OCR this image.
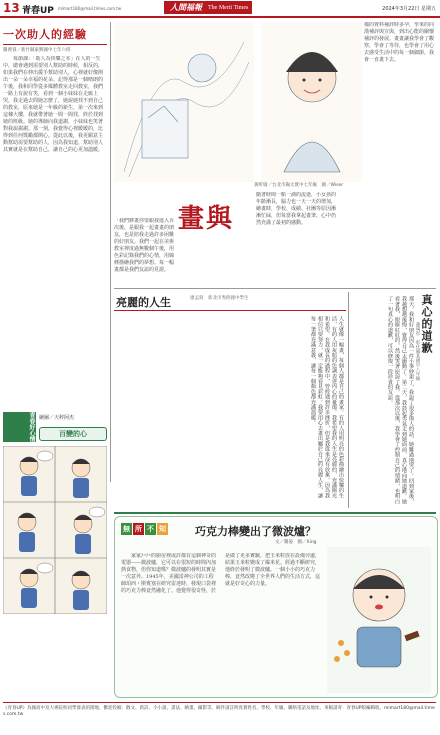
13 青春UP mlmart180@mail.times.com.tw	人間福報	The Merit Times	2024年3月22日 星期五
一次助人的經驗
羅涴睿／新竹縣東興國中七年六班
每節課：「助人為快樂之本」在人的一生中，總會遇到需要別人幫助的時候，相反的，如果我們在伸出援手幫助別人，心裡就好像開出一朵一朵幸福的花朵。記得那是一個晴朗的午後，我和同學從多媒體教室走回教室，我們一路上有說有笑，看到一個小妹妹在走廊上哭，我走過去問她怎麼了，她說她找不到自己的教室，原來她是一年級的新生，第一次來到這棟大樓，我就帶著她一間一間找，終於找到她的班級。她的導師向我道謝，小妹妹也笑著對我說謝謝。那一刻，我覺得心裡暖暖的，比得到任何獎勵都開心。從此以後，我更願意主動幫助需要幫助的人，因為我知道，幫助別人其實就是在幫助自己，讓自己的心更加溫暖。
青春好心情 繪圖／天秤阿杰
百變的心
黃昕瑜／台北市錫太實中七年級　圖／Wiser
畫與
「我們夥畫你要跟我進入百次後，是跟我一起畫畫的朋友，也是陪我走過許多困難的好朋友。我們一起在美術教室裡度過無數個午後，用色彩記錄我們的心情，用線條描繪我們的夢想。每一幅畫都是我們友誼的見證。
隨著時間一點一滴的流逝，小女孩的年齡漸長，腦力也一天一天的增加，繪畫時，學校、成績、社團等原因漸漸忙碌，但每當我拿起畫筆，心中仍然充滿了最初的感動。
備的資料補評時多孕，學來的同漢補評與宣與，到出心能的關懷補評的發展。畫畫讓我學會了觀察，學會了等待，也學會了用心去感受生活中的每一個細節，我會一直畫下去。
亮麗的人生	廖孟鈞　新北市秀朗國中學生
人生就像一幅畫，每個人都是自己的畫家。有的人用明亮的色彩描繪出快樂的生活，有的人用灰暗的色調表達內心的憂傷。我希望我的人生是亮麗的，充滿陽光和希望。在我成長的過程中，曾經遇到許多挫折，但是我從來沒有放棄，因為我相信只要努力，就一定能夠看見彩虹。我要用心去畫出屬於自己的亮麗人生，讓每一筆都充滿意義，讓每一個顏色都充滿溫暖。	真心的道歉
蕭瑀彤　彰化縣某國中八年級
那天，我和好朋友因為一件小事吵架了，我說了很多傷人的話，她難過地哭了。回到家後，我越想越後悔，覺得自己太衝動了。第二天，我鼓起勇氣走到她面前，真心地向她道歉。她看著我，眼眶紅紅的，然後笑著原諒了我。從那次以後，我學會了控制自己的情緒，也明白了一句真心的道歉，可以修復一段珍貴的友誼。
無 所 不 知	巧克力棒變出了微波爐？
文／羅晏　圖／Xing
家家戶戶的廚房裡或許都有這個神奇的電器——微波爐，它可以在很短的時間內加熱食物，但你知道嗎？微波爐的發明其實是一次意外。1945年，美國雷神公司的工程師珀西・斯賓塞在研究雷達時，發現口袋裡的巧克力棒竟然融化了。他覺得很奇怪，於是做了更多實驗，把玉米粒放在設備旁邊，結果玉米粒變成了爆米花。經過不斷研究，他終於發明了微波爐。一個小小的巧克力棒，竟然改變了全世界人們的生活方式，這就是好奇心的力量。
《青春UP》為國高中及大專院校同學發表的園地，歡迎投稿：散文、新詩、小小說、書法、繪畫、攝影等。稿件請註明真實姓名、學校、年級、聯絡電話及地址。來稿請寄：青春UP版編輯收，mlmart180@mail.times.com.tw
